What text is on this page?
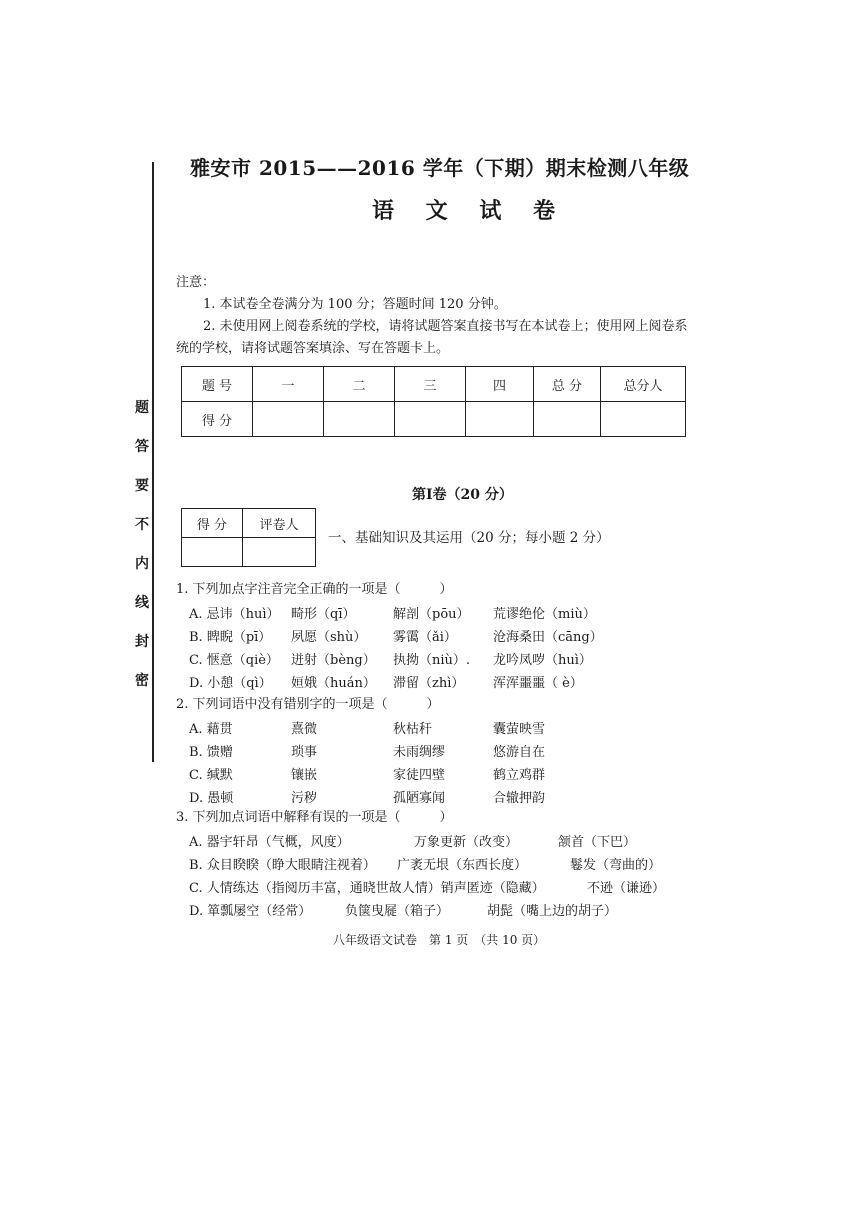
雅安市 2015——2016 学年（下期）期末检测八年级
语 文 试 卷
题
答
要
不
内
线
封
密

注意：

1. 本试卷全卷满分为 100 分；答题时间 120 分钟。

2. 未使用网上阅卷系统的学校，请将试题答案直接书写在本试卷上；使用网上阅卷系

统的学校，请将试题答案填涂、写在答题卡上。

题 号	一	二	三	四	总 分	总分人
得 分						
第Ⅰ卷（20 分）
得 分	评卷人

一、基础知识及其运用（20 分；每小题 2 分）

1. 下列加点字注音完全正确的一项是（　　　）

A. 忌讳（huì） 畸形（qī）	解剖（pōu）	荒谬绝伦（miù）
B. 睥睨（pī）	夙愿（shù）	雾霭（ǎi）	沧海桑田（cāng）
C. 惬意（qiè） 迸射（bèng）	执拗（niù）.	龙吟凤哕（huì）
D. 小憩（qì）	姮娥（huán）	滞留（zhì）	浑浑噩噩（ è）

2. 下列词语中没有错别字的一项是（　　　）

A. 藉贯	熹微	秋枯秆	囊萤映雪
B. 馈赠	琐事	未雨绸缪	悠游自在
C. 缄默	镶嵌	家徒四壁	鹤立鸡群
D. 愚顿	污秽	孤陋寡闻	合辙押韵

3. 下列加点词语中解释有误的一项是（　　　）

A. 器宇轩昂（气概，风度）	万象更新（改变）	颔首（下巴）
B. 众目睽睽（睁大眼睛注视着）	广袤无垠（东西长度）	鬈发（弯曲的）
C. 人情练达（指阅历丰富，通晓世故人情）销声匿迹（隐藏）	不逊（谦逊）
D. 箪瓢屡空（经常）	负箧曳屣（箱子）	胡髭（嘴上边的胡子）
八年级语文试卷　第 1 页　（共 10 页）
